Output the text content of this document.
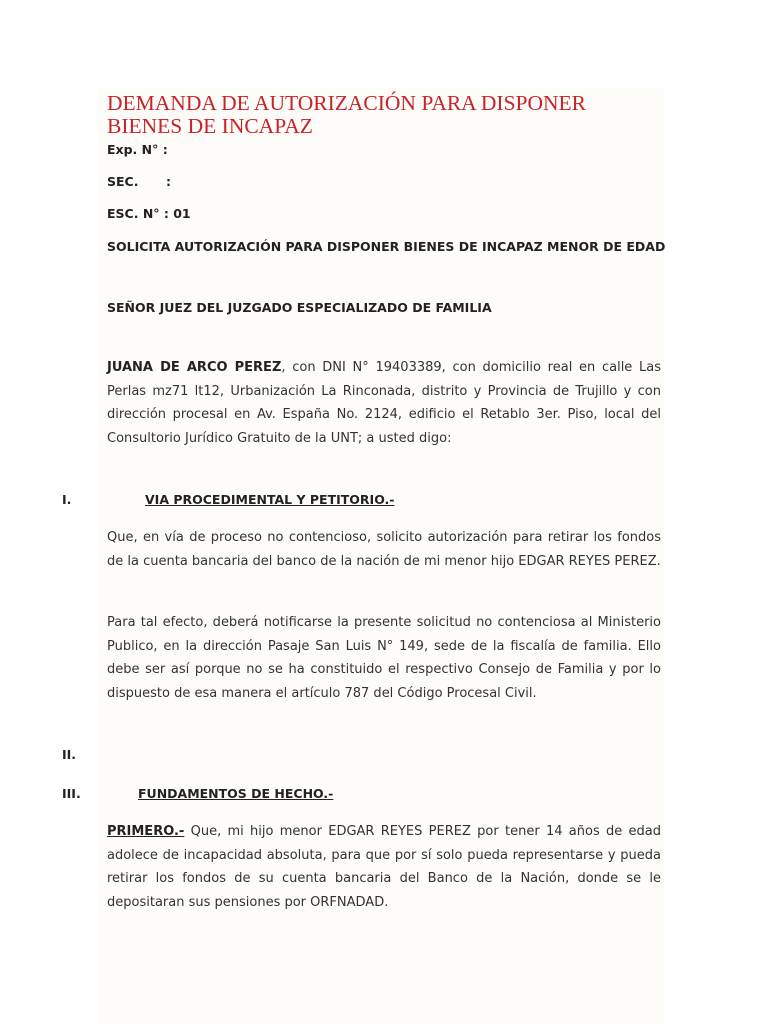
DEMANDA DE AUTORIZACIÓN PARA DISPONER BIENES DE INCAPAZ
Exp. N° :
SEC. :
ESC. N° : 01
SOLICITA AUTORIZACIÓN PARA DISPONER BIENES DE INCAPAZ MENOR DE EDAD
SEÑOR JUEZ DEL JUZGADO ESPECIALIZADO DE FAMILIA
JUANA DE ARCO PEREZ, con DNI N° 19403389, con domicilio real en calle Las Perlas mz71 lt12, Urbanización La Rinconada, distrito y Provincia de Trujillo y con dirección procesal en Av. España No. 2124, edificio el Retablo 3er. Piso, local del Consultorio Jurídico Gratuito de la UNT; a usted digo:
I.	VIA PROCEDIMENTAL Y PETITORIO.-
Que, en vía de proceso no contencioso, solicito autorización para retirar los fondos de la cuenta bancaria del banco de la nación de mi menor hijo EDGAR REYES PEREZ.
Para tal efecto, deberá notificarse la presente solicitud no contenciosa al Ministerio Publico, en la dirección Pasaje San Luis N° 149, sede de la fiscalía de familia. Ello debe ser así porque no se ha constituido el respectivo Consejo de Familia y por lo dispuesto de esa manera el artículo 787 del Código Procesal Civil.
II.
III.	FUNDAMENTOS DE HECHO.-
PRIMERO.- Que, mi hijo menor EDGAR REYES PEREZ por tener 14 años de edad adolece de incapacidad absoluta, para que por sí solo pueda representarse y pueda retirar los fondos de su cuenta bancaria del Banco de la Nación, donde se le depositaran sus pensiones por ORFNADAD.
